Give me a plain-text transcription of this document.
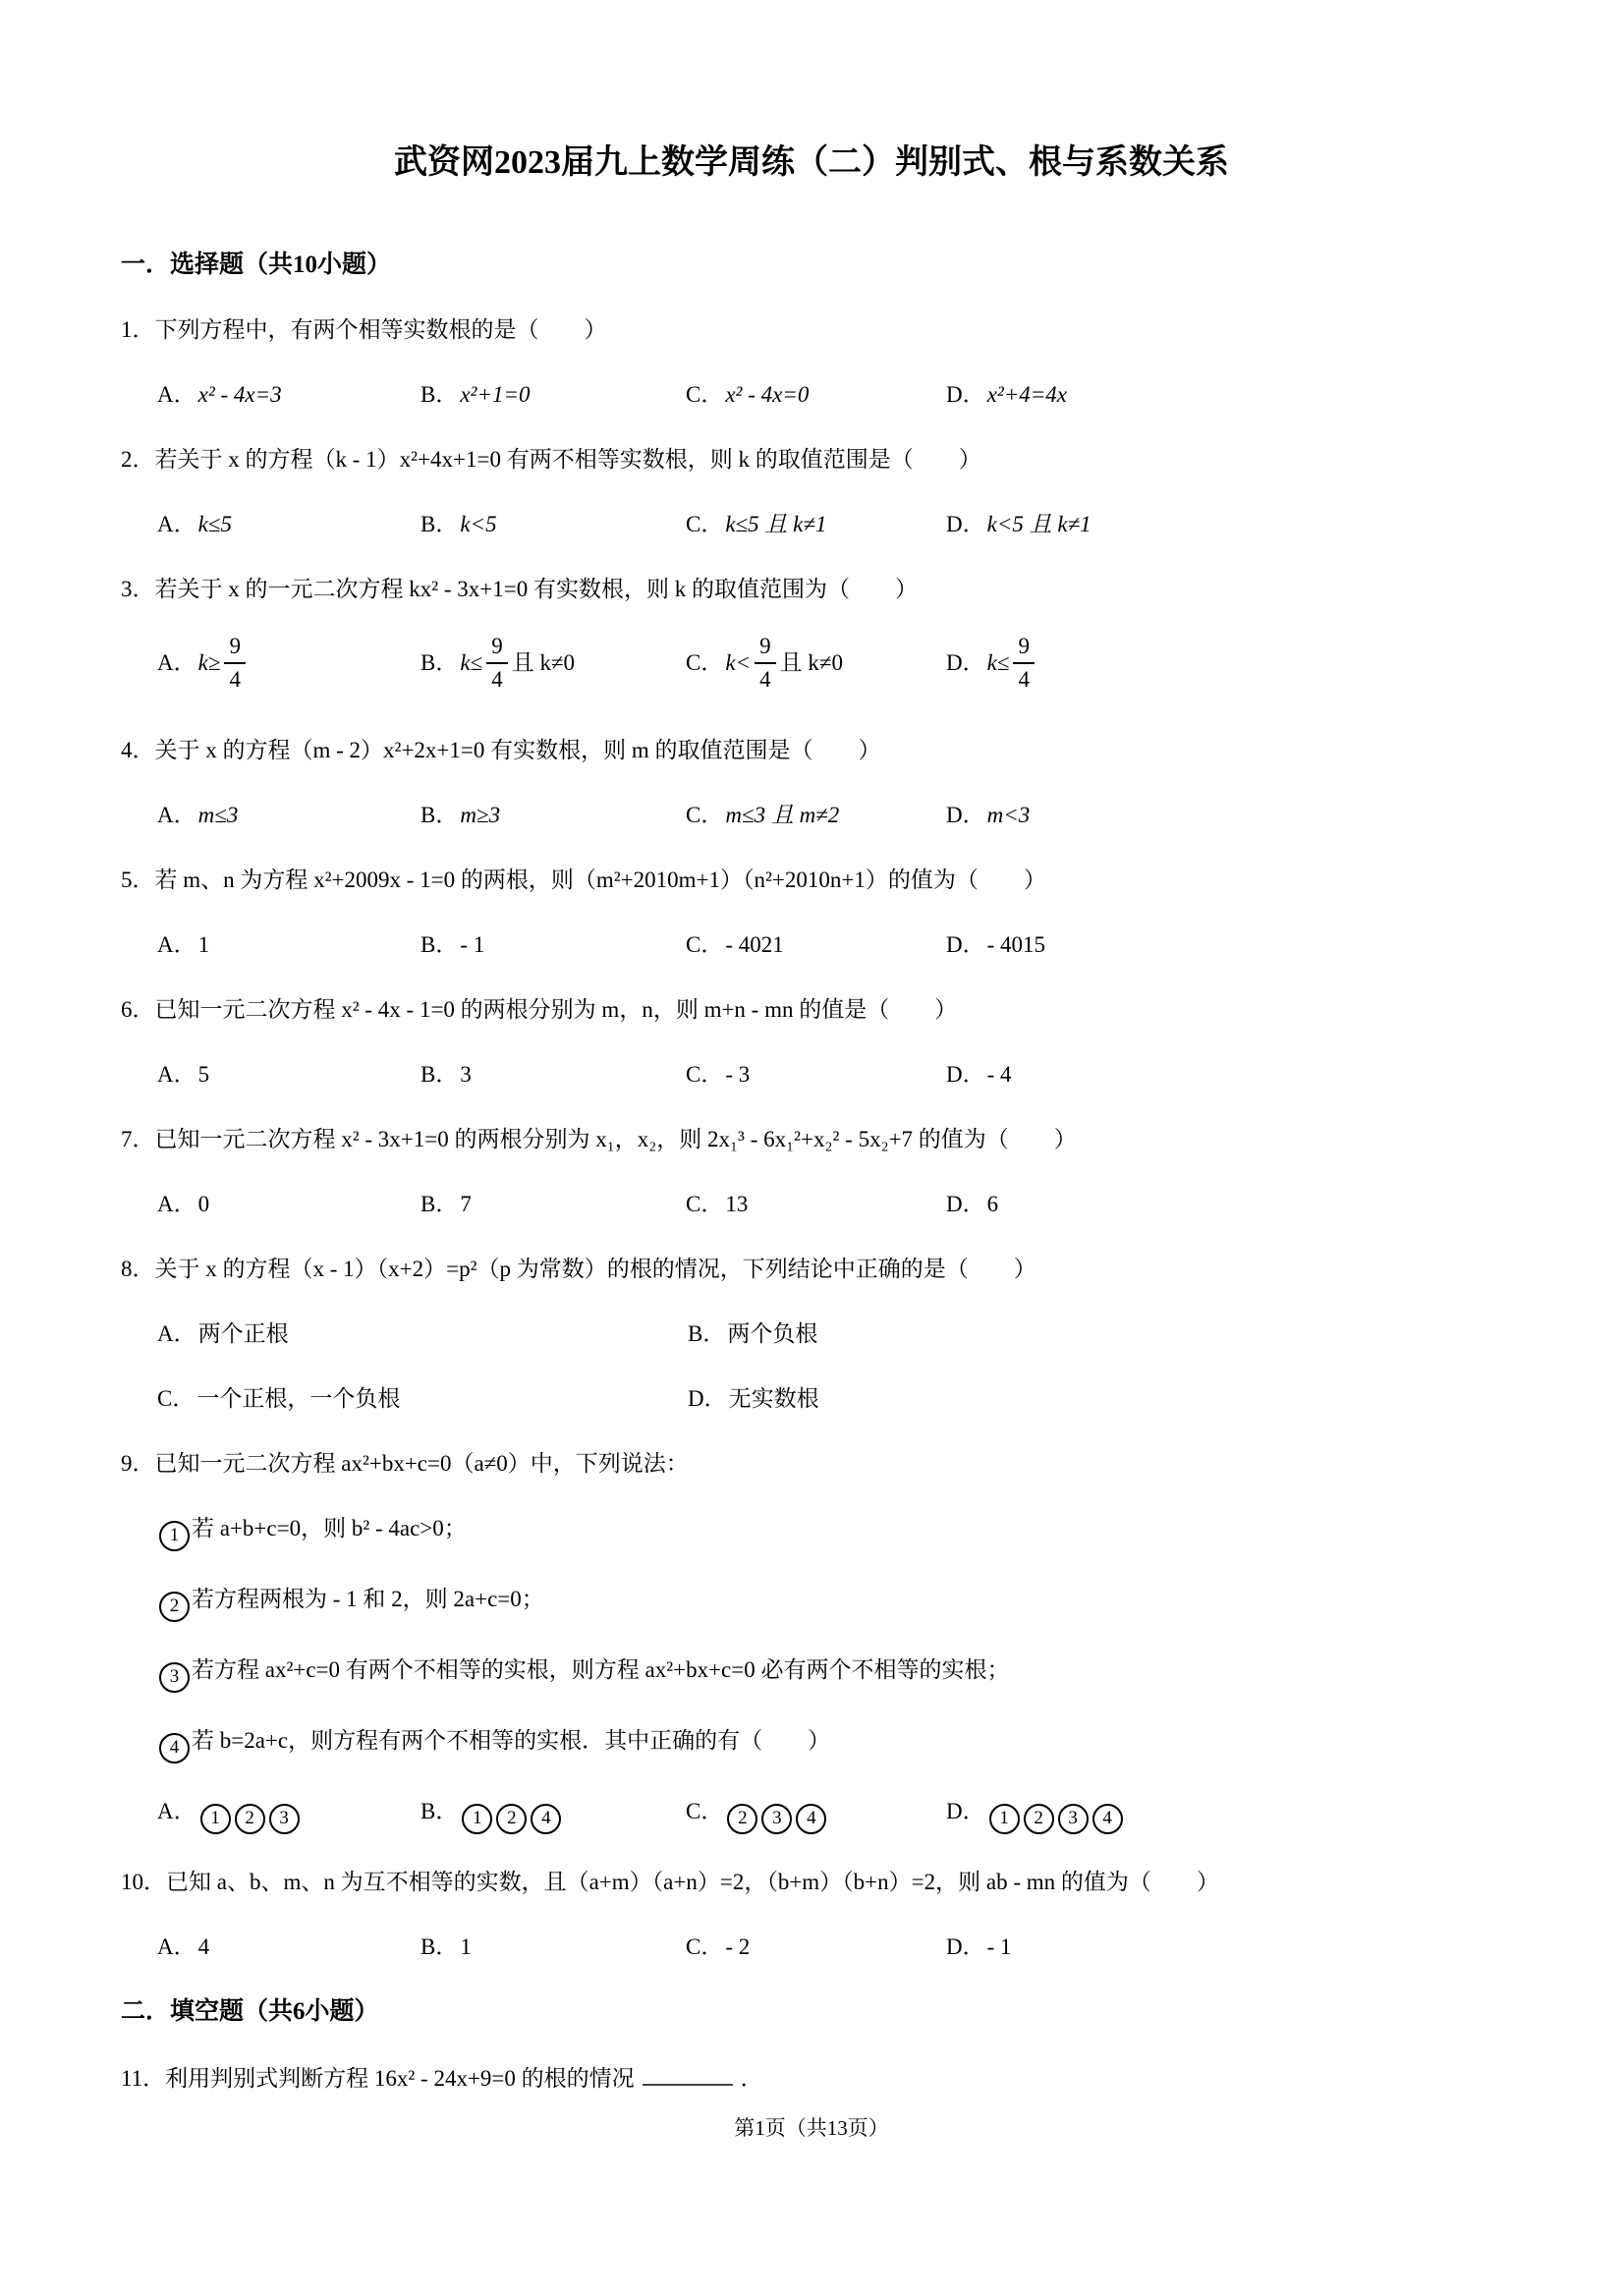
武资网2023届九上数学周练（二）判别式、根与系数关系
一．选择题（共10小题）
1．下列方程中，有两个相等实数根的是（　　）
A．x² - 4x=3	B．x²+1=0	C．x² - 4x=0	D．x²+4=4x
2．若关于 x 的方程（k - 1）x²+4x+1=0 有两不相等实数根，则 k 的取值范围是（　　）
A．k≤5	B．k<5	C．k≤5 且 k≠1	D．k<5 且 k≠1
3．若关于 x 的一元二次方程 kx² - 3x+1=0 有实数根，则 k 的取值范围为（　　）
A． $k\ge \frac{9}{4}$	B． $k\le \frac{9}{4}$ 且 k≠0	C． $k< \frac{9}{4}$ 且 k≠0	D． $k\le \frac{9}{4}$
4．关于 x 的方程（m - 2）x²+2x+1=0 有实数根，则 m 的取值范围是（　　）
A．m≤3	B．m≥3	C．m≤3 且 m≠2	D．m<3
5．若 m、n 为方程 x²+2009x - 1=0 的两根，则（m²+2010m+1）（n²+2010n+1）的值为（　　）
A．1	B．- 1	C．- 4021	D．- 4015
6．已知一元二次方程 x² - 4x - 1=0 的两根分别为 m，n，则 m+n - mn 的值是（　　）
A．5	B．3	C．- 3	D．- 4
7．已知一元二次方程 x² - 3x+1=0 的两根分别为 x₁，x₂，则 2x₁³ - 6x₁²+x₂² - 5x₂+7 的值为（　　）
A．0	B．7	C．13	D．6
8．关于 x 的方程（x - 1）（x+2）=p²（p 为常数）的根的情况，下列结论中正确的是（　　）
A．两个正根	B．两个负根
C．一个正根，一个负根	D．无实数根
9．已知一元二次方程 ax²+bx+c=0（a≠0）中，下列说法：
1 若 a+b+c=0，则 b² - 4ac>0；
2 若方程两根为 - 1 和 2，则 2a+c=0；
3 若方程 ax²+c=0 有两个不相等的实根，则方程 ax²+bx+c=0 必有两个不相等的实根；
4 若 b=2a+c，则方程有两个不相等的实根．其中正确的有（　　）
A． 1 2 3	B． 1 2 4	C． 2 3 4	D． 1 2 3 4
10．已知 a、b、m、n 为互不相等的实数，且（a+m）（a+n）=2，（b+m）（b+n）=2，则 ab - mn 的值为（　　）
A．4	B．1	C．- 2	D．- 1
二．填空题（共6小题）
11．利用判别式判断方程 16x² - 24x+9=0 的根的情况	．
第1页（共13页）
